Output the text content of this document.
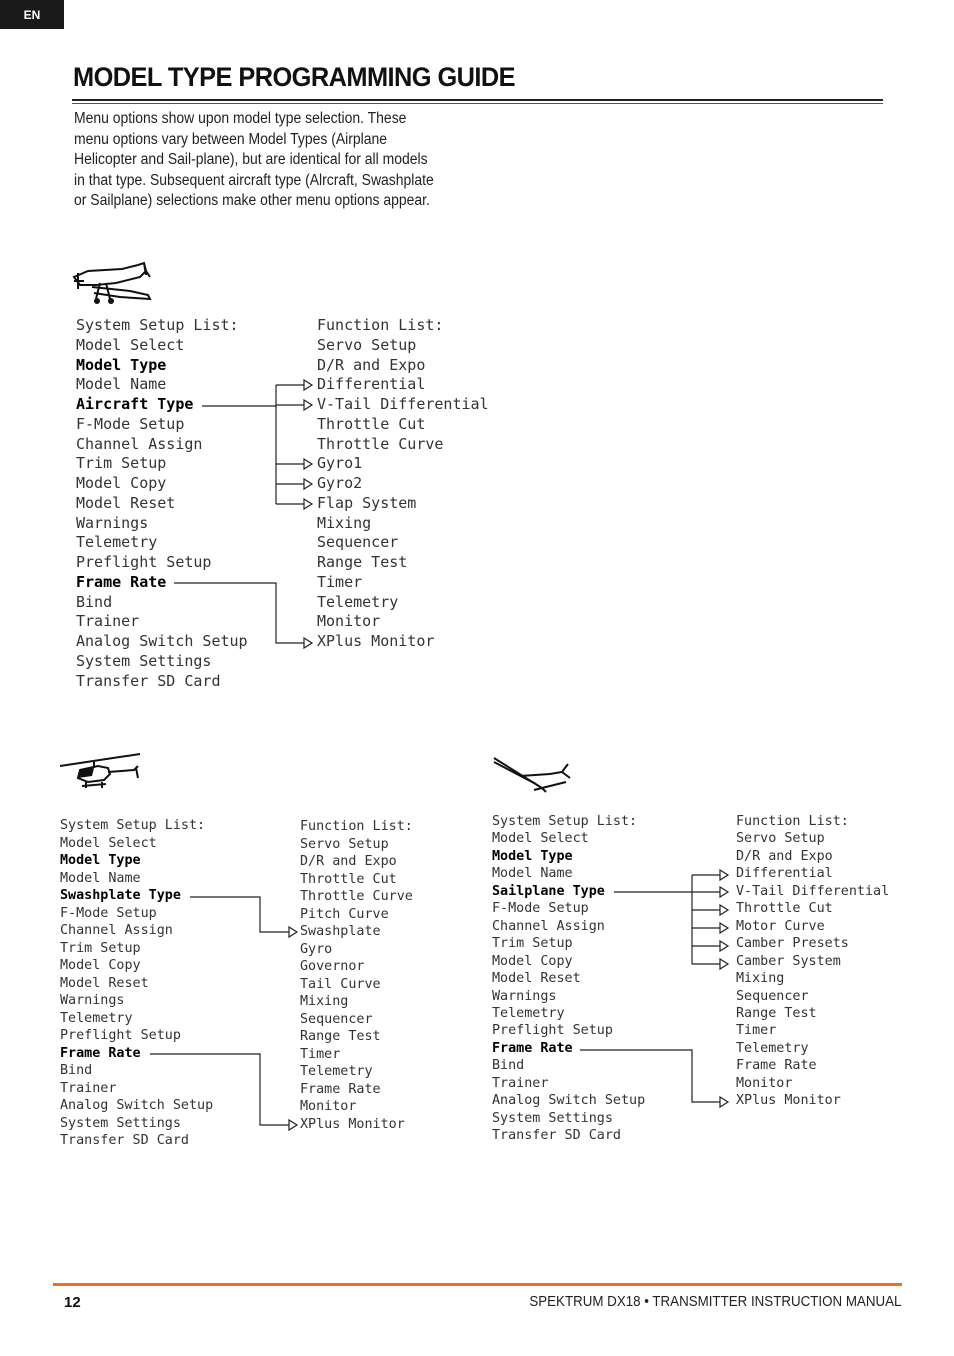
EN
MODEL TYPE PROGRAMMING GUIDE

Menu options show upon model type selection. These menu options vary between Model Types (Airplane Helicopter and Sail-plane), but are identical for all models in that type. Subsequent aircraft type (Alrcraft, Swashplate or Sailplane) selections make other menu options appear.

System Setup List:
Model Select
Model Type
Model Name
Aircraft Type
F-Mode Setup
Channel Assign
Trim Setup
Model Copy
Model Reset
Warnings
Telemetry
Preflight Setup
Frame Rate
Bind
Trainer
Analog Switch Setup
System Settings
Transfer SD Card
Function List:
Servo Setup
D/R and Expo
Differential
V-Tail Differential
Throttle Cut
Throttle Curve
Gyro1
Gyro2
Flap System
Mixing
Sequencer
Range Test
Timer
Telemetry
Monitor
XPlus Monitor
System Setup List:
Model Select
Model Type
Model Name
Swashplate Type
F-Mode Setup
Channel Assign
Trim Setup
Model Copy
Model Reset
Warnings
Telemetry
Preflight Setup
Frame Rate
Bind
Trainer
Analog Switch Setup
System Settings
Transfer SD Card
Function List:
Servo Setup
D/R and Expo
Throttle Cut
Throttle Curve
Pitch Curve
Swashplate
Gyro
Governor
Tail Curve
Mixing
Sequencer
Range Test
Timer
Telemetry
Frame Rate
Monitor
XPlus Monitor
System Setup List:
Model Select
Model Type
Model Name
Sailplane Type
F-Mode Setup
Channel Assign
Trim Setup
Model Copy
Model Reset
Warnings
Telemetry
Preflight Setup
Frame Rate
Bind
Trainer
Analog Switch Setup
System Settings
Transfer SD Card
Function List:
Servo Setup
D/R and Expo
Differential
V-Tail Differential
Throttle Cut
Motor Curve
Camber Presets
Camber System
Mixing
Sequencer
Range Test
Timer
Telemetry
Frame Rate
Monitor
XPlus Monitor
12	SPEKTRUM DX18 • TRANSMITTER INSTRUCTION MANUAL
